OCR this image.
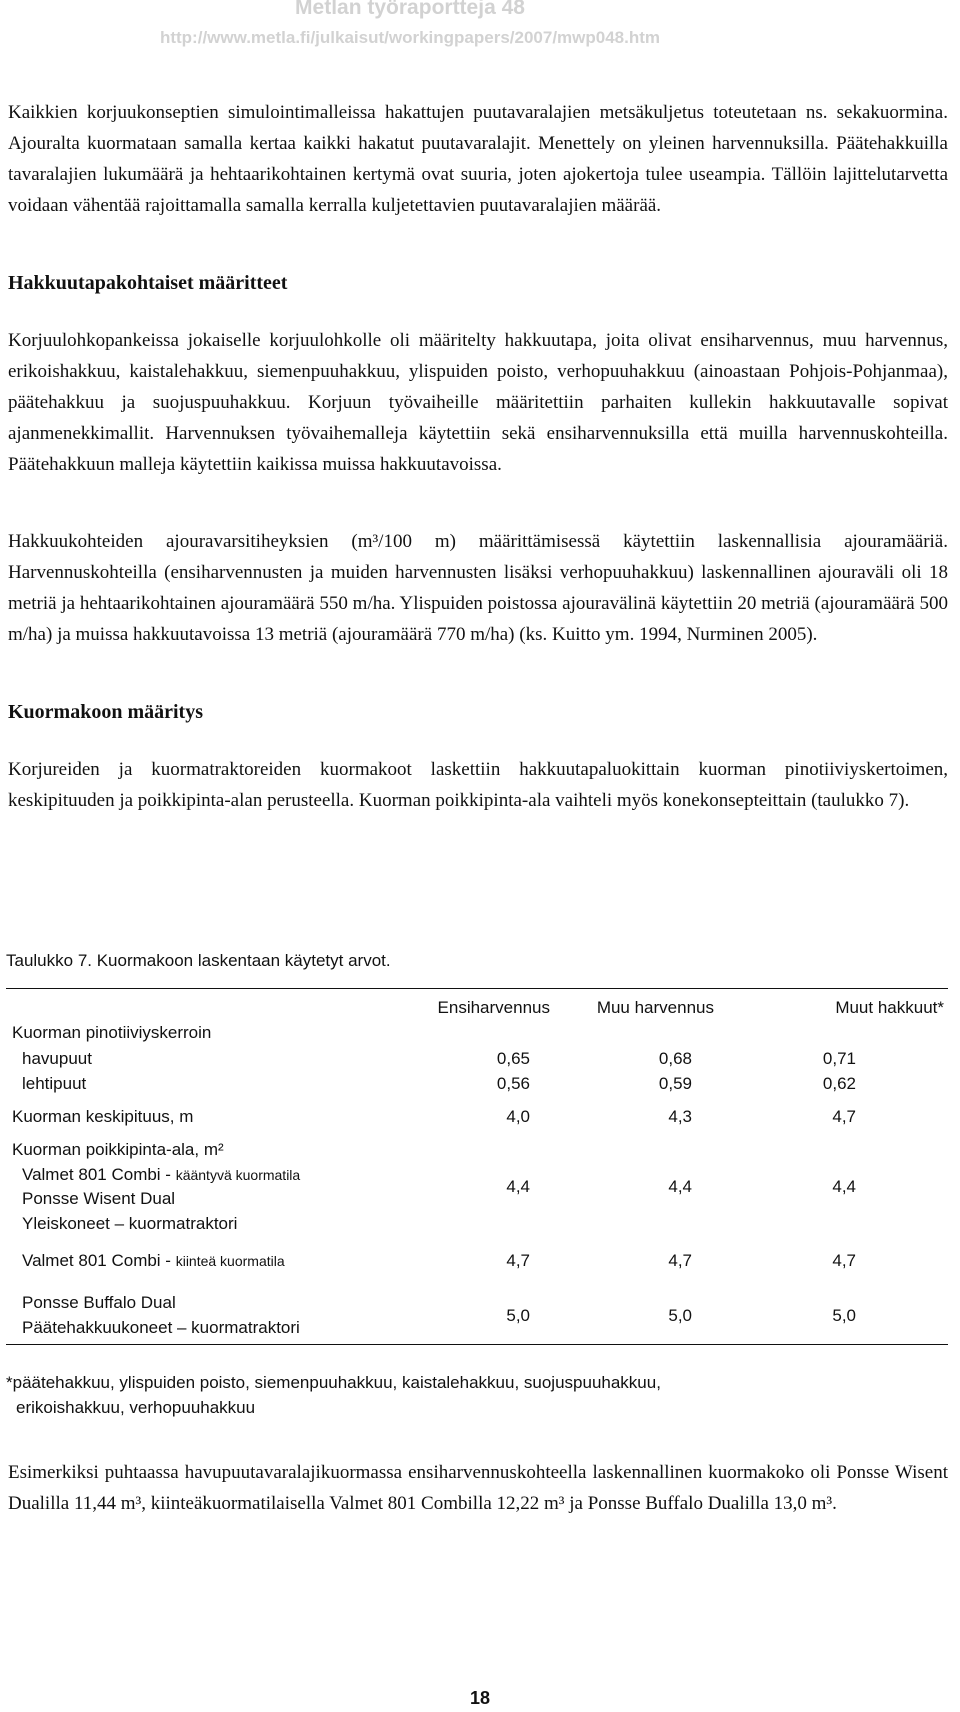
Metlan työraportteja 48
http://www.metla.fi/julkaisut/workingpapers/2007/mwp048.htm

Kaikkien korjuukonseptien simulointimalleissa hakattujen puutavaralajien metsäkuljetus toteutetaan ns. sekakuormina. Ajouralta kuormataan samalla kertaa kaikki hakatut puutavaralajit. Menettely on yleinen harvennuksilla. Päätehakkuilla tavaralajien lukumäärä ja hehtaarikohtainen kertymä ovat suuria, joten ajokertoja tulee useampia. Tällöin lajittelutarvetta voidaan vähentää rajoittamalla samalla kerralla kuljetettavien puutavaralajien määrää.

Hakkuutapakohtaiset määritteet

Korjuulohkopankeissa jokaiselle korjuulohkolle oli määritelty hakkuutapa, joita olivat ensiharvennus, muu harvennus, erikoishakkuu, kaistalehakkuu, siemenpuuhakkuu, ylispuiden poisto, verhopuuhakkuu (ainoastaan Pohjois-Pohjanmaa), päätehakkuu ja suojuspuuhakkuu. Korjuun työvaiheille määritettiin parhaiten kullekin hakkuutavalle sopivat ajanmenekkimallit. Harvennuksen työvaihemalleja käytettiin sekä ensiharvennuksilla että muilla harvennuskohteilla. Päätehakkuun malleja käytettiin kaikissa muissa hakkuutavoissa.

Hakkuukohteiden ajouravarsitiheyksien (m³/100 m) määrittämisessä käytettiin laskennallisia ajouramääriä. Harvennuskohteilla (ensiharvennusten ja muiden harvennusten lisäksi verhopuuhakkuu) laskennallinen ajouraväli oli 18 metriä ja hehtaarikohtainen ajouramäärä 550 m/ha. Ylispuiden poistossa ajouravälinä käytettiin 20 metriä (ajouramäärä 500 m/ha) ja muissa hakkuutavoissa 13 metriä (ajouramäärä 770 m/ha) (ks. Kuitto ym. 1994, Nurminen 2005).

Kuormakoon määritys

Korjureiden ja kuormatraktoreiden kuormakoot laskettiin hakkuutapaluokittain kuorman pinotiiviyskertoimen, keskipituuden ja poikkipinta-alan perusteella. Kuorman poikkipinta-ala vaihteli myös konekonsepteittain (taulukko 7).

Taulukko 7. Kuormakoon laskentaan käytetyt arvot.
Ensiharvennus	Muu harvennus	Muut hakkuut*
Kuorman pinotiiviyskerroin
havupuut	0,65	0,68	0,71
lehtipuut	0,56	0,59	0,62
Kuorman keskipituus, m	4,0	4,3	4,7
Kuorman poikkipinta-ala, m²
Valmet 801 Combi - kääntyvä kuormatila
Ponsse Wisent Dual
Yleiskoneet – kuormatraktori
4,4	4,4	4,4
Valmet 801 Combi - kiinteä kuormatila	4,7	4,7	4,7
Ponsse Buffalo Dual
Päätehakkuukoneet – kuormatraktori
5,0	5,0	5,0
*päätehakkuu, ylispuiden poisto, siemenpuuhakkuu, kaistalehakkuu, suojuspuuhakkuu,
erikoishakkuu, verhopuuhakkuu

Esimerkiksi puhtaassa havupuutavaralajikuormassa ensiharvennuskohteella laskennallinen kuormakoko oli Ponsse Wisent Dualilla 11,44 m³, kiinteäkuormatilaisella Valmet 801 Combilla 12,22 m³ ja Ponsse Buffalo Dualilla 13,0 m³.

18
